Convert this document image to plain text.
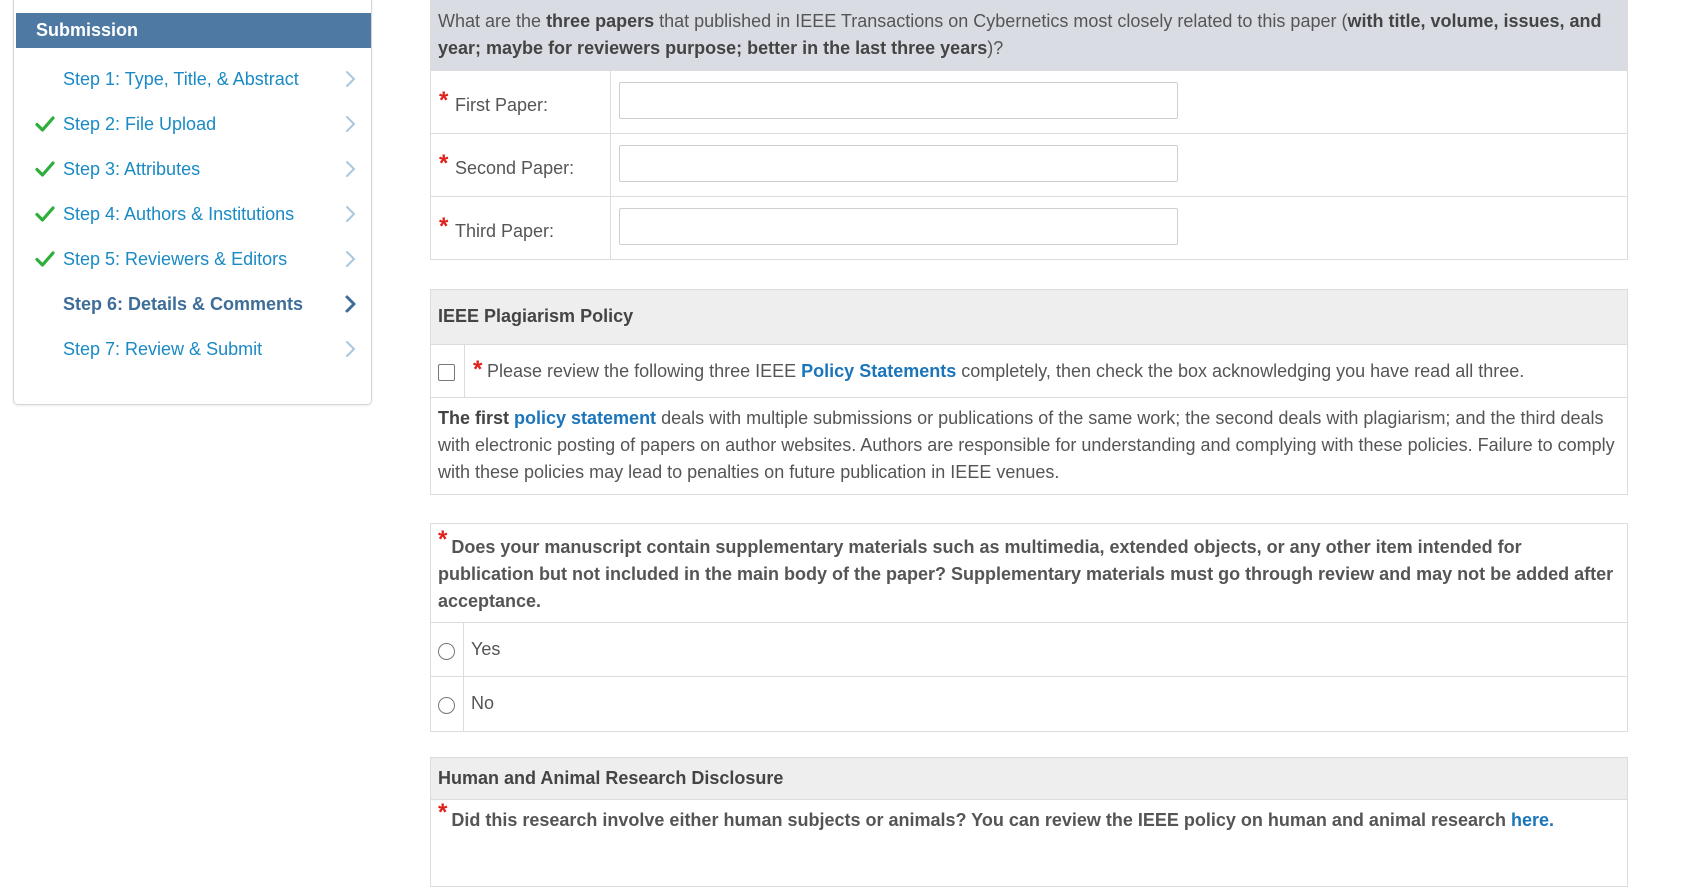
Submission
Step 1: Type, Title, & Abstract
Step 2: File Upload
Step 3: Attributes
Step 4: Authors & Institutions
Step 5: Reviewers & Editors
Step 6: Details & Comments
Step 7: Review & Submit
What are the three papers that published in IEEE Transactions on Cybernetics most closely related to this paper (with title, volume, issues, and year; maybe for reviewers purpose; better in the last three years)?
* First Paper:
* Second Paper:
* Third Paper:
IEEE Plagiarism Policy
* Please review the following three IEEE Policy Statements completely, then check the box acknowledging you have read all three.
The first policy statement deals with multiple submissions or publications of the same work; the second deals with plagiarism; and the third deals with electronic posting of papers on author websites. Authors are responsible for understanding and complying with these policies. Failure to comply with these policies may lead to penalties on future publication in IEEE venues.
* Does your manuscript contain supplementary materials such as multimedia, extended objects, or any other item intended for publication but not included in the main body of the paper? Supplementary materials must go through review and may not be added after acceptance.
Yes
No
Human and Animal Research Disclosure
* Did this research involve either human subjects or animals? You can review the IEEE policy on human and animal research here.
